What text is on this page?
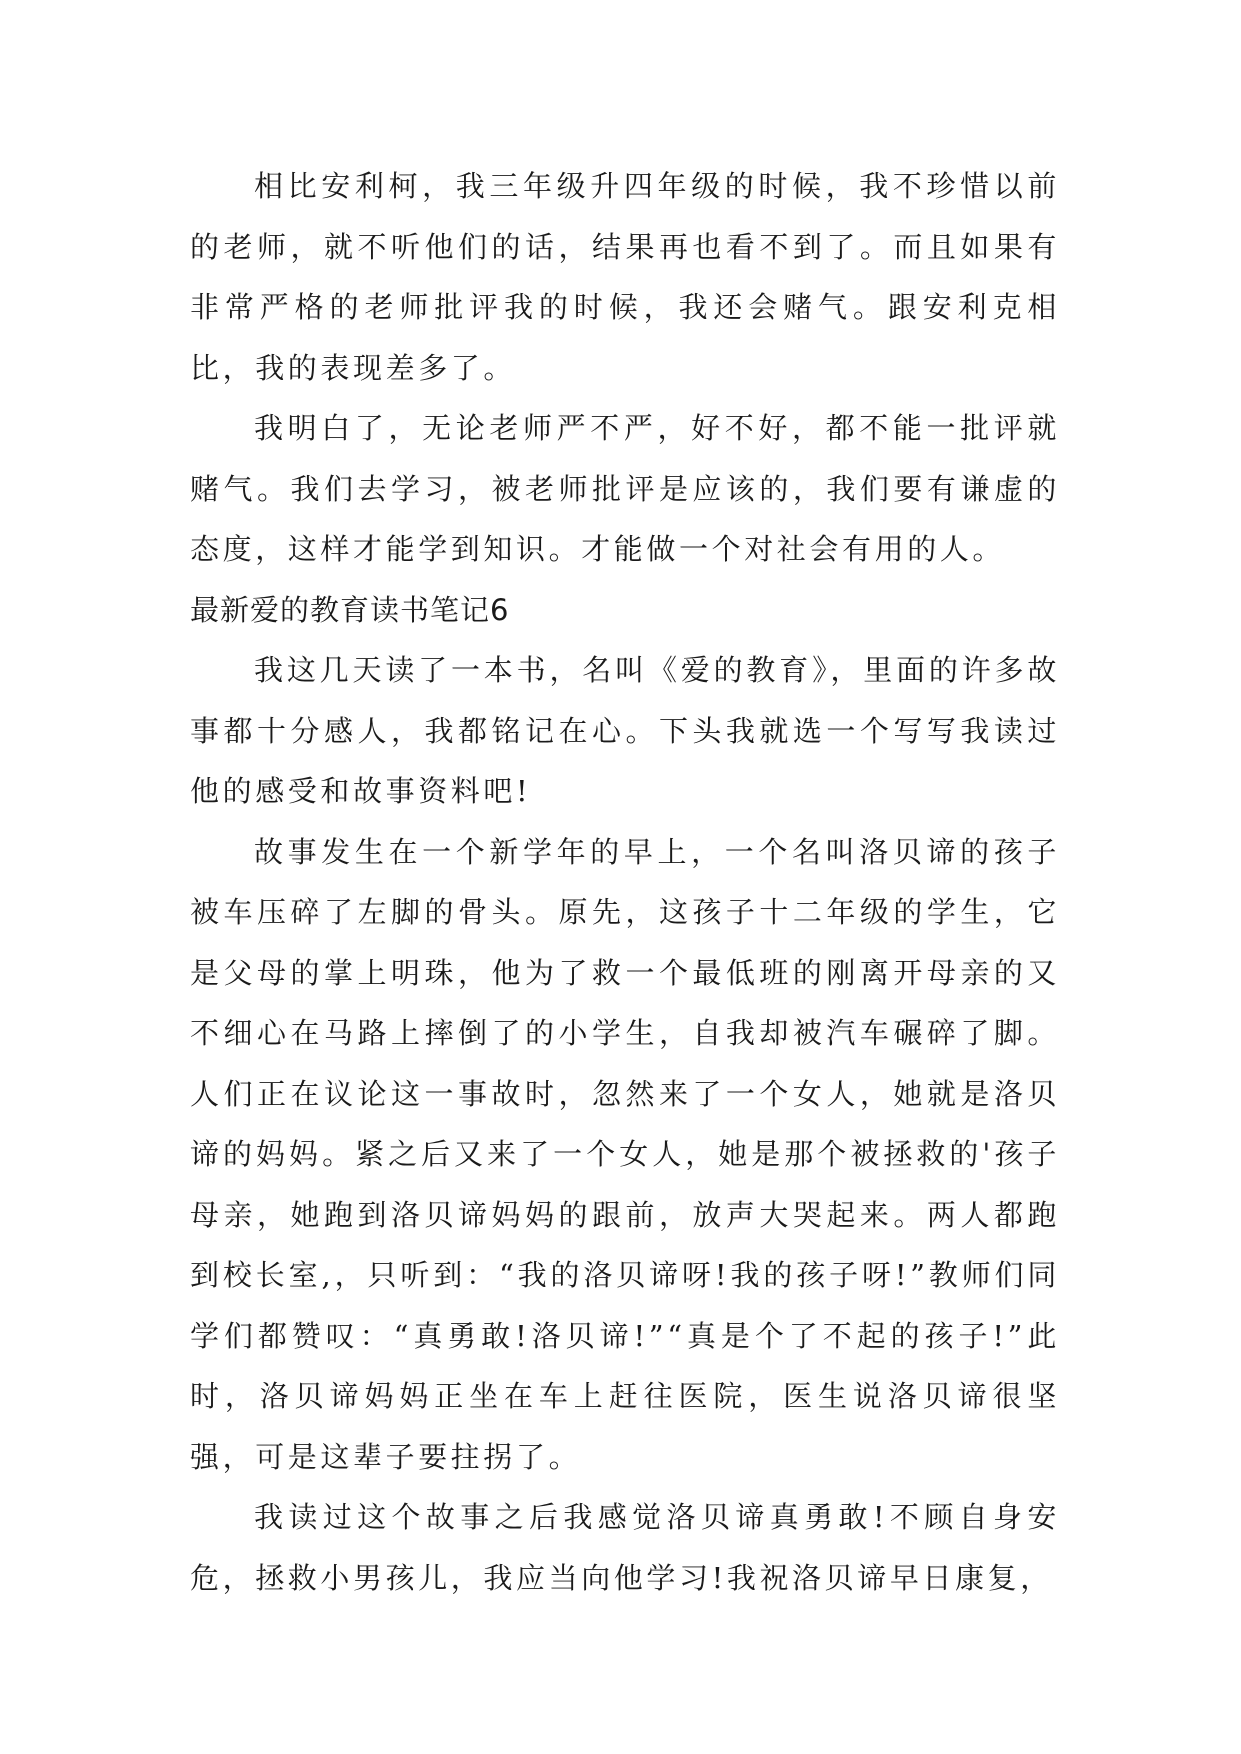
相比安利柯，我三年级升四年级的时候，我不珍惜以前的老师，就不听他们的话，结果再也看不到了。而且如果有非常严格的老师批评我的时候，我还会赌气。跟安利克相比，我的表现差多了。

我明白了，无论老师严不严，好不好，都不能一批评就赌气。我们去学习，被老师批评是应该的，我们要有谦虚的态度，这样才能学到知识。才能做一个对社会有用的人。

最新爱的教育读书笔记6

我这几天读了一本书，名叫《爱的教育》，里面的许多故事都十分感人，我都铭记在心。下头我就选一个写写我读过他的感受和故事资料吧!

故事发生在一个新学年的早上，一个名叫洛贝谛的孩子被车压碎了左脚的骨头。原先，这孩子十二年级的学生，它是父母的掌上明珠，他为了救一个最低班的刚离开母亲的又不细心在马路上摔倒了的小学生，自我却被汽车碾碎了脚。人们正在议论这一事故时，忽然来了一个女人，她就是洛贝谛的妈妈。紧之后又来了一个女人，她是那个被拯救的'孩子母亲，她跑到洛贝谛妈妈的跟前，放声大哭起来。两人都跑到校长室,，只听到：“我的洛贝谛呀!我的孩子呀!”教师们同学们都赞叹：“真勇敢!洛贝谛!”“真是个了不起的孩子!”此时，洛贝谛妈妈正坐在车上赶往医院，医生说洛贝谛很坚强，可是这辈子要拄拐了。

我读过这个故事之后我感觉洛贝谛真勇敢!不顾自身安危，拯救小男孩儿，我应当向他学习!我祝洛贝谛早日康复，
